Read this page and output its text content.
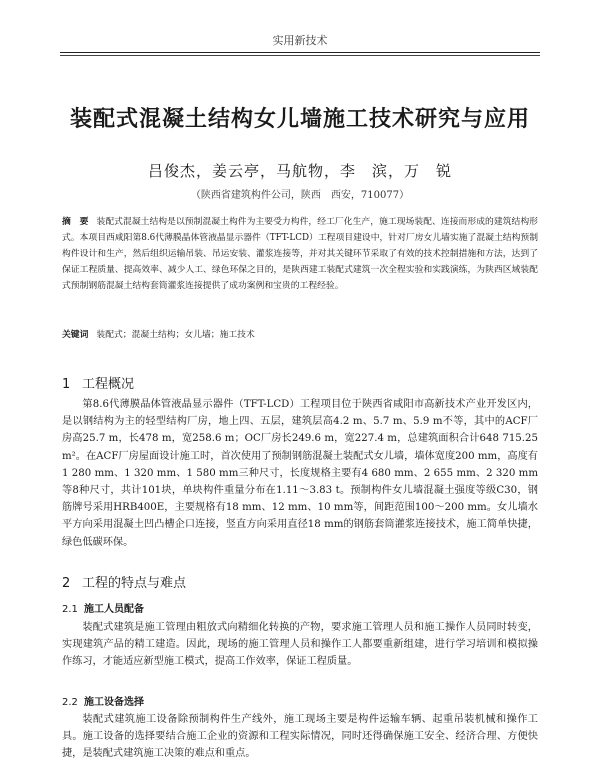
实用新技术
装配式混凝土结构女儿墙施工技术研究与应用
吕俊杰，姜云亭，马航物，李　滨，万　锐
（陕西省建筑构件公司，陕西　西安，710077）
摘　要 装配式混凝土结构是以预制混凝土构件为主要受力构件，经工厂化生产，施工现场装配、连接而形成的建筑结构形式。本项目西咸阳第8.6代薄膜晶体管液晶显示器件（TFT-LCD）工程项目建设中，针对厂房女儿墙实施了混凝土结构预制构件设计和生产，然后组织运输吊装、吊运安装、灌浆连接等，并对其关键环节采取了有效的技术控制措施和方法，达到了保证工程质量、提高效率、减少人工、绿色环保之目的，是陕西建工装配式建筑一次全程实验和实践演练，为陕西区域装配式预制钢筋混凝土结构套筒灌浆连接提供了成功案例和宝贵的工程经验。
关键词 装配式；混凝土结构；女儿墙；施工技术
1 工程概况
第8.6代薄膜晶体管液晶显示器件（TFT-LCD）工程项目位于陕西省咸阳市高新技术产业开发区内，是以钢结构为主的轻型结构厂房，地上四、五层，建筑层高4.2 m、5.7 m、5.9 m不等，其中的ACF厂房高25.7 m，长478 m，宽258.6 m；OC厂房长249.6 m，宽227.4 m，总建筑面积合计648 715.25 m²。在ACF厂房屋面设计施工时，首次使用了预制钢筋混凝土装配式女儿墙，墙体宽度200 mm，高度有1 280 mm、1 320 mm、1 580 mm三种尺寸，长度规格主要有4 680 mm、2 655 mm、2 320 mm等8种尺寸，共计101块，单块构件重量分布在1.11～3.83 t。预制构件女儿墙混凝土强度等级C30，钢筋牌号采用HRB400E，主要规格有18 mm、12 mm、10 mm等，间距范围100～200 mm。女儿墙水平方向采用混凝土凹凸槽企口连接，竖直方向采用直径18 mm的钢筋套筒灌浆连接技术，施工简单快捷，绿色低碳环保。
2 工程的特点与难点
2.1 施工人员配备
装配式建筑是施工管理由粗放式向精细化转换的产物，要求施工管理人员和施工操作人员同时转变，实现建筑产品的精工建造。因此，现场的施工管理人员和操作工人都要重新组建，进行学习培训和模拟操作练习，才能适应新型施工模式，提高工作效率，保证工程质量。
2.2 施工设备选择
装配式建筑施工设备除预制构件生产线外，施工现场主要是构件运输车辆、起重吊装机械和操作工具。施工设备的选择要结合施工企业的资源和工程实际情况，同时还得确保施工安全、经济合理、方便快捷，是装配式建筑施工决策的难点和重点。
